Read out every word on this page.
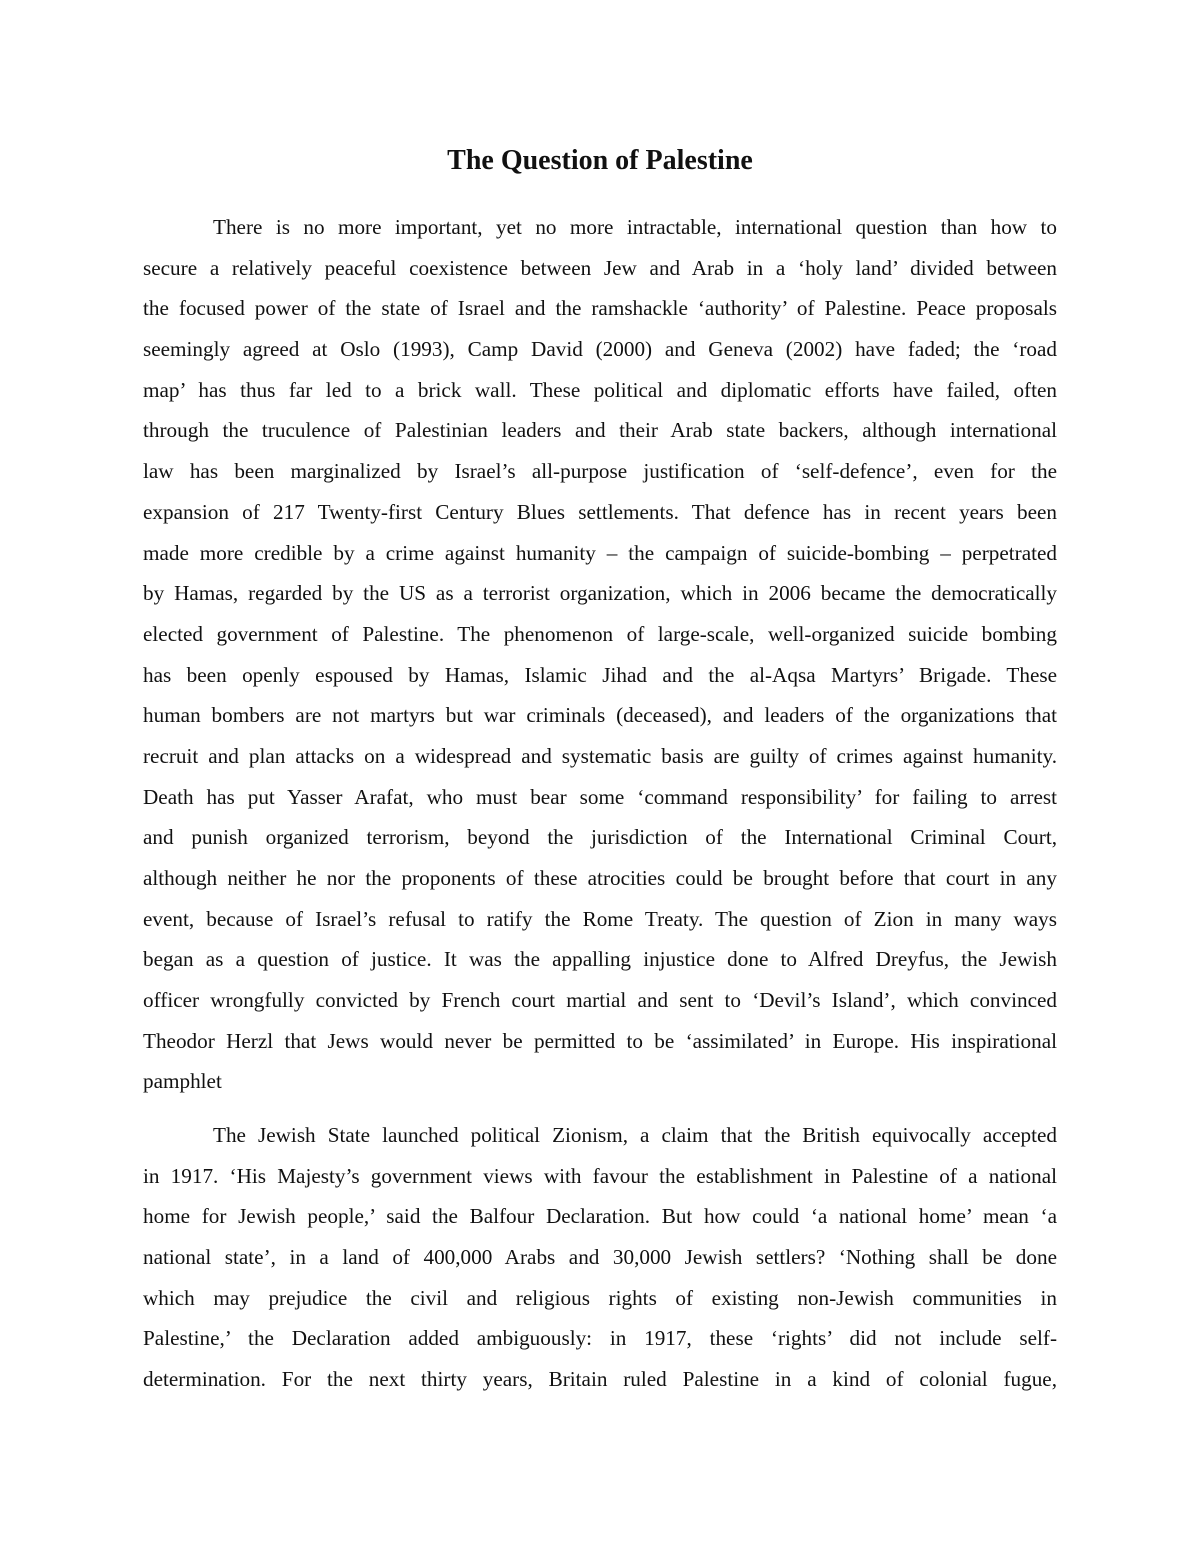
The Question of Palestine
There is no more important, yet no more intractable, international question than how to
secure a relatively peaceful coexistence between Jew and Arab in a ‘holy land’ divided between
the focused power of the state of Israel and the ramshackle ‘authority’ of Palestine. Peace proposals
seemingly agreed at Oslo (1993), Camp David (2000) and Geneva (2002) have faded; the ‘road
map’ has thus far led to a brick wall. These political and diplomatic efforts have failed, often
through the truculence of Palestinian leaders and their Arab state backers, although international
law has been marginalized by Israel’s all-purpose justification of ‘self-defence’, even for the
expansion of 217 Twenty-first Century Blues settlements. That defence has in recent years been
made more credible by a crime against humanity – the campaign of suicide-bombing – perpetrated
by Hamas, regarded by the US as a terrorist organization, which in 2006 became the democratically
elected government of Palestine. The phenomenon of large-scale, well-organized suicide bombing
has been openly espoused by Hamas, Islamic Jihad and the al-Aqsa Martyrs’ Brigade. These
human bombers are not martyrs but war criminals (deceased), and leaders of the organizations that
recruit and plan attacks on a widespread and systematic basis are guilty of crimes against humanity.
Death has put Yasser Arafat, who must bear some ‘command responsibility’ for failing to arrest
and punish organized terrorism, beyond the jurisdiction of the International Criminal Court,
although neither he nor the proponents of these atrocities could be brought before that court in any
event, because of Israel’s refusal to ratify the Rome Treaty. The question of Zion in many ways
began as a question of justice. It was the appalling injustice done to Alfred Dreyfus, the Jewish
officer wrongfully convicted by French court martial and sent to ‘Devil’s Island’, which convinced
Theodor Herzl that Jews would never be permitted to be ‘assimilated’ in Europe. His inspirational
pamphlet
The Jewish State launched political Zionism, a claim that the British equivocally accepted
in 1917. ‘His Majesty’s government views with favour the establishment in Palestine of a national
home for Jewish people,’ said the Balfour Declaration. But how could ‘a national home’ mean ‘a
national state’, in a land of 400,000 Arabs and 30,000 Jewish settlers? ‘Nothing shall be done
which may prejudice the civil and religious rights of existing non-Jewish communities in
Palestine,’ the Declaration added ambiguously: in 1917, these ‘rights’ did not include self-
determination. For the next thirty years, Britain ruled Palestine in a kind of colonial fugue,
